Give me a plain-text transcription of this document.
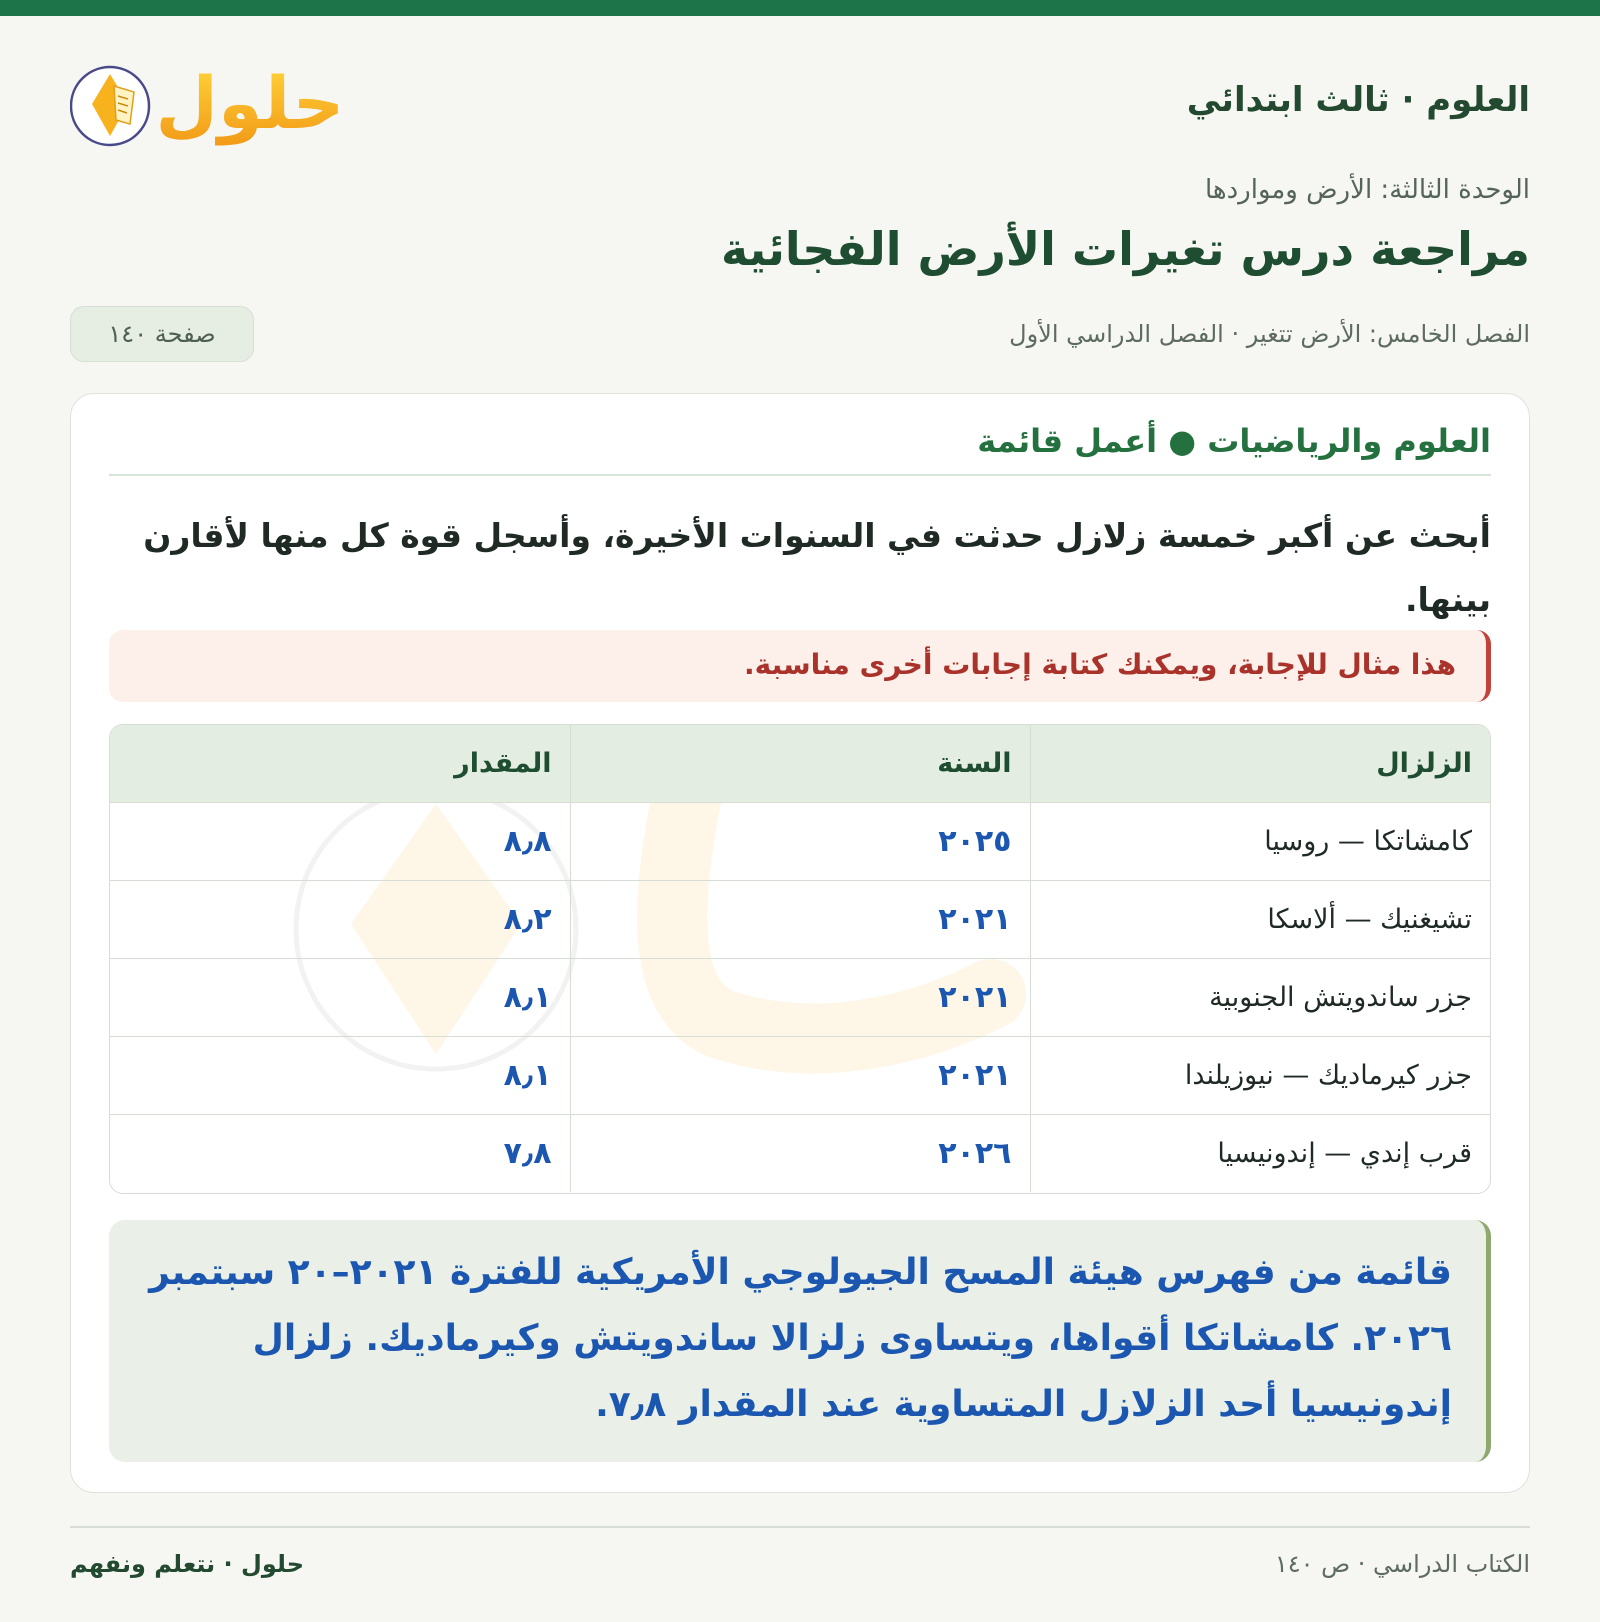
العلوم · ثالث ابتدائي
حلول
الوحدة الثالثة: الأرض ومواردها
مراجعة درس تغيرات الأرض الفجائية
الفصل الخامس: الأرض تتغير · الفصل الدراسي الأول
صفحة ١٤٠
العلوم والرياضيات ● أعمل قائمة
أبحث عن أكبر خمسة زلازل حدثت في السنوات الأخيرة، وأسجل قوة كل منها لأقارن بينها.
هذا مثال للإجابة، ويمكنك كتابة إجابات أخرى مناسبة.
الزلزال	السنة	المقدار
كامشاتكا — روسيا	٢٠٢٥	٨٫٨
تشيغنيك — ألاسكا	٢٠٢١	٨٫٢
جزر ساندويتش الجنوبية	٢٠٢١	٨٫١
جزر كيرماديك — نيوزيلندا	٢٠٢١	٨٫١
قرب إندي — إندونيسيا	٢٠٢٦	٧٫٨
قائمة من فهرس هيئة المسح الجيولوجي الأمريكية للفترة ٢٠٢١–٢٠ سبتمبر ٢٠٢٦. كامشاتكا أقواها، ويتساوى زلزالا ساندويتش وكيرماديك. زلزال إندونيسيا أحد الزلازل المتساوية عند المقدار ٧٫٨.
الكتاب الدراسي · ص ١٤٠
حلول · نتعلم ونفهم
